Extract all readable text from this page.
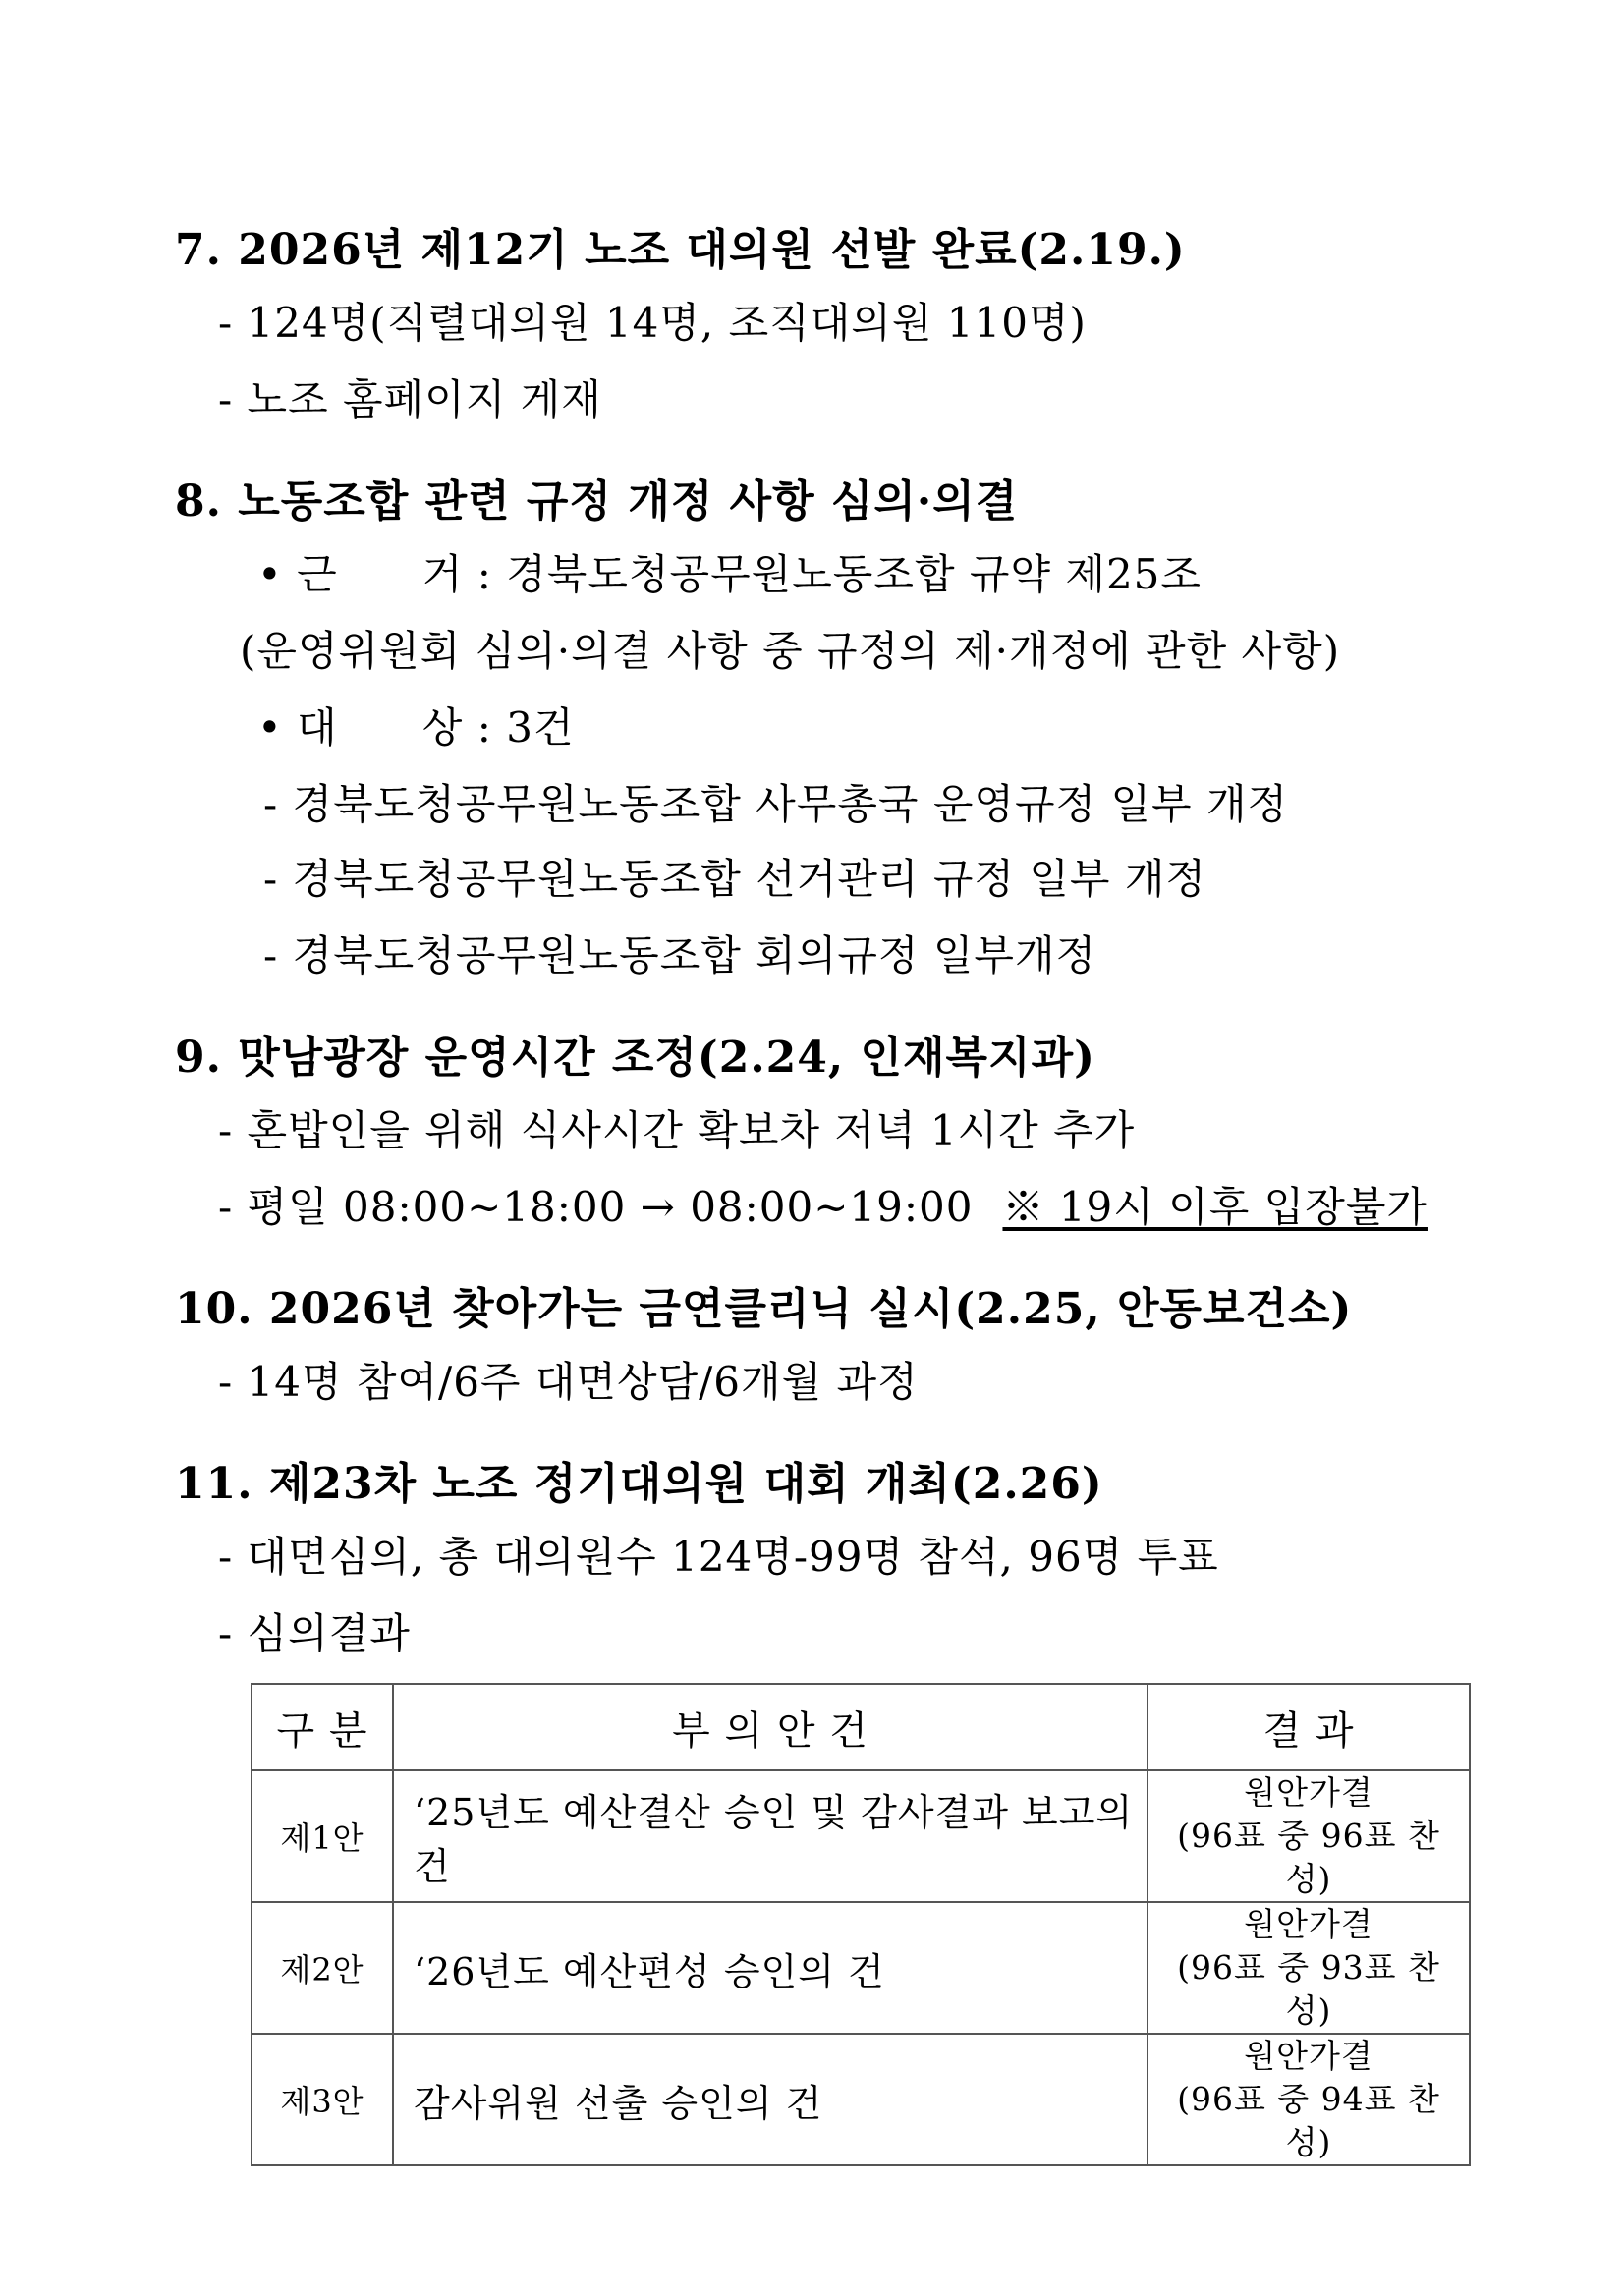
7. 2026년 제12기 노조 대의원 선발 완료(2.19.)
- 124명(직렬대의원 14명, 조직대의원 110명)
- 노조 홈페이지 게재
8. 노동조합 관련 규정 개정 사항 심의·의결
• 근      거 : 경북도청공무원노동조합 규약 제25조
(운영위원회 심의·의결 사항 중 규정의 제·개정에 관한 사항)
• 대      상 : 3건
- 경북도청공무원노동조합 사무총국 운영규정 일부 개정
- 경북도청공무원노동조합 선거관리 규정 일부 개정
- 경북도청공무원노동조합 회의규정 일부개정
9. 맛남광장 운영시간 조정(2.24, 인재복지과)
- 혼밥인을 위해 식사시간 확보차 저녁 1시간 추가
- 평일 08:00~18:00 → 08:00~19:00 ※ 19시 이후 입장불가
10. 2026년 찾아가는 금연클리닉 실시(2.25, 안동보건소)
- 14명 참여/6주 대면상담/6개월 과정
11. 제23차 노조 정기대의원 대회 개최(2.26)
- 대면심의, 총 대의원수 124명-99명 참석, 96명 투표
- 심의결과
구 분	부 의 안 건	결 과
제1안	‘25년도 예산결산 승인 및 감사결과 보고의 건	원안가결
(96표 중 96표 찬성)

제2안	‘26년도 예산편성 승인의 건	원안가결
(96표 중 93표 찬성)

제3안	감사위원 선출 승인의 건	원안가결
(96표 중 94표 찬성)
